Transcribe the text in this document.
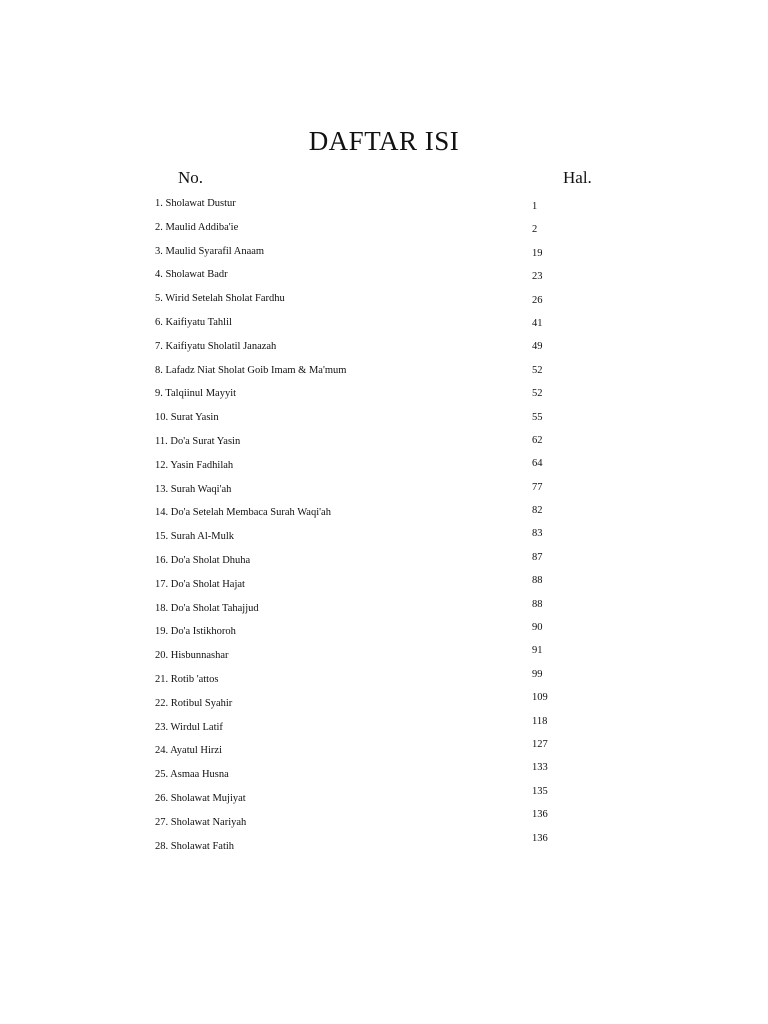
DAFTAR ISI
No.	Hal.
1. Sholawat Dustur
2. Maulid Addiba'ie
3. Maulid Syarafil Anaam
4. Sholawat Badr
5. Wirid Setelah Sholat Fardhu
6. Kaifiyatu Tahlil
7. Kaifiyatu Sholatil Janazah
8. Lafadz Niat Sholat Goib Imam & Ma'mum
9. Talqiinul Mayyit
10. Surat Yasin
11. Do'a Surat Yasin
12. Yasin Fadhilah
13. Surah Waqi'ah
14. Do'a Setelah Membaca Surah Waqi'ah
15. Surah Al-Mulk
16. Do'a Sholat Dhuha
17. Do'a Sholat Hajat
18. Do'a Sholat Tahajjud
19. Do'a Istikhoroh
20. Hisbunnashar
21. Rotib 'attos
22. Rotibul Syahir
23. Wirdul Latif
24. Ayatul Hirzi
25. Asmaa Husna
26. Sholawat Mujiyat
27. Sholawat Nariyah
28. Sholawat Fatih
1
2
19
23
26
41
49
52
52
55
62
64
77
82
83
87
88
88
90
91
99
109
118
127
133
135
136
136
